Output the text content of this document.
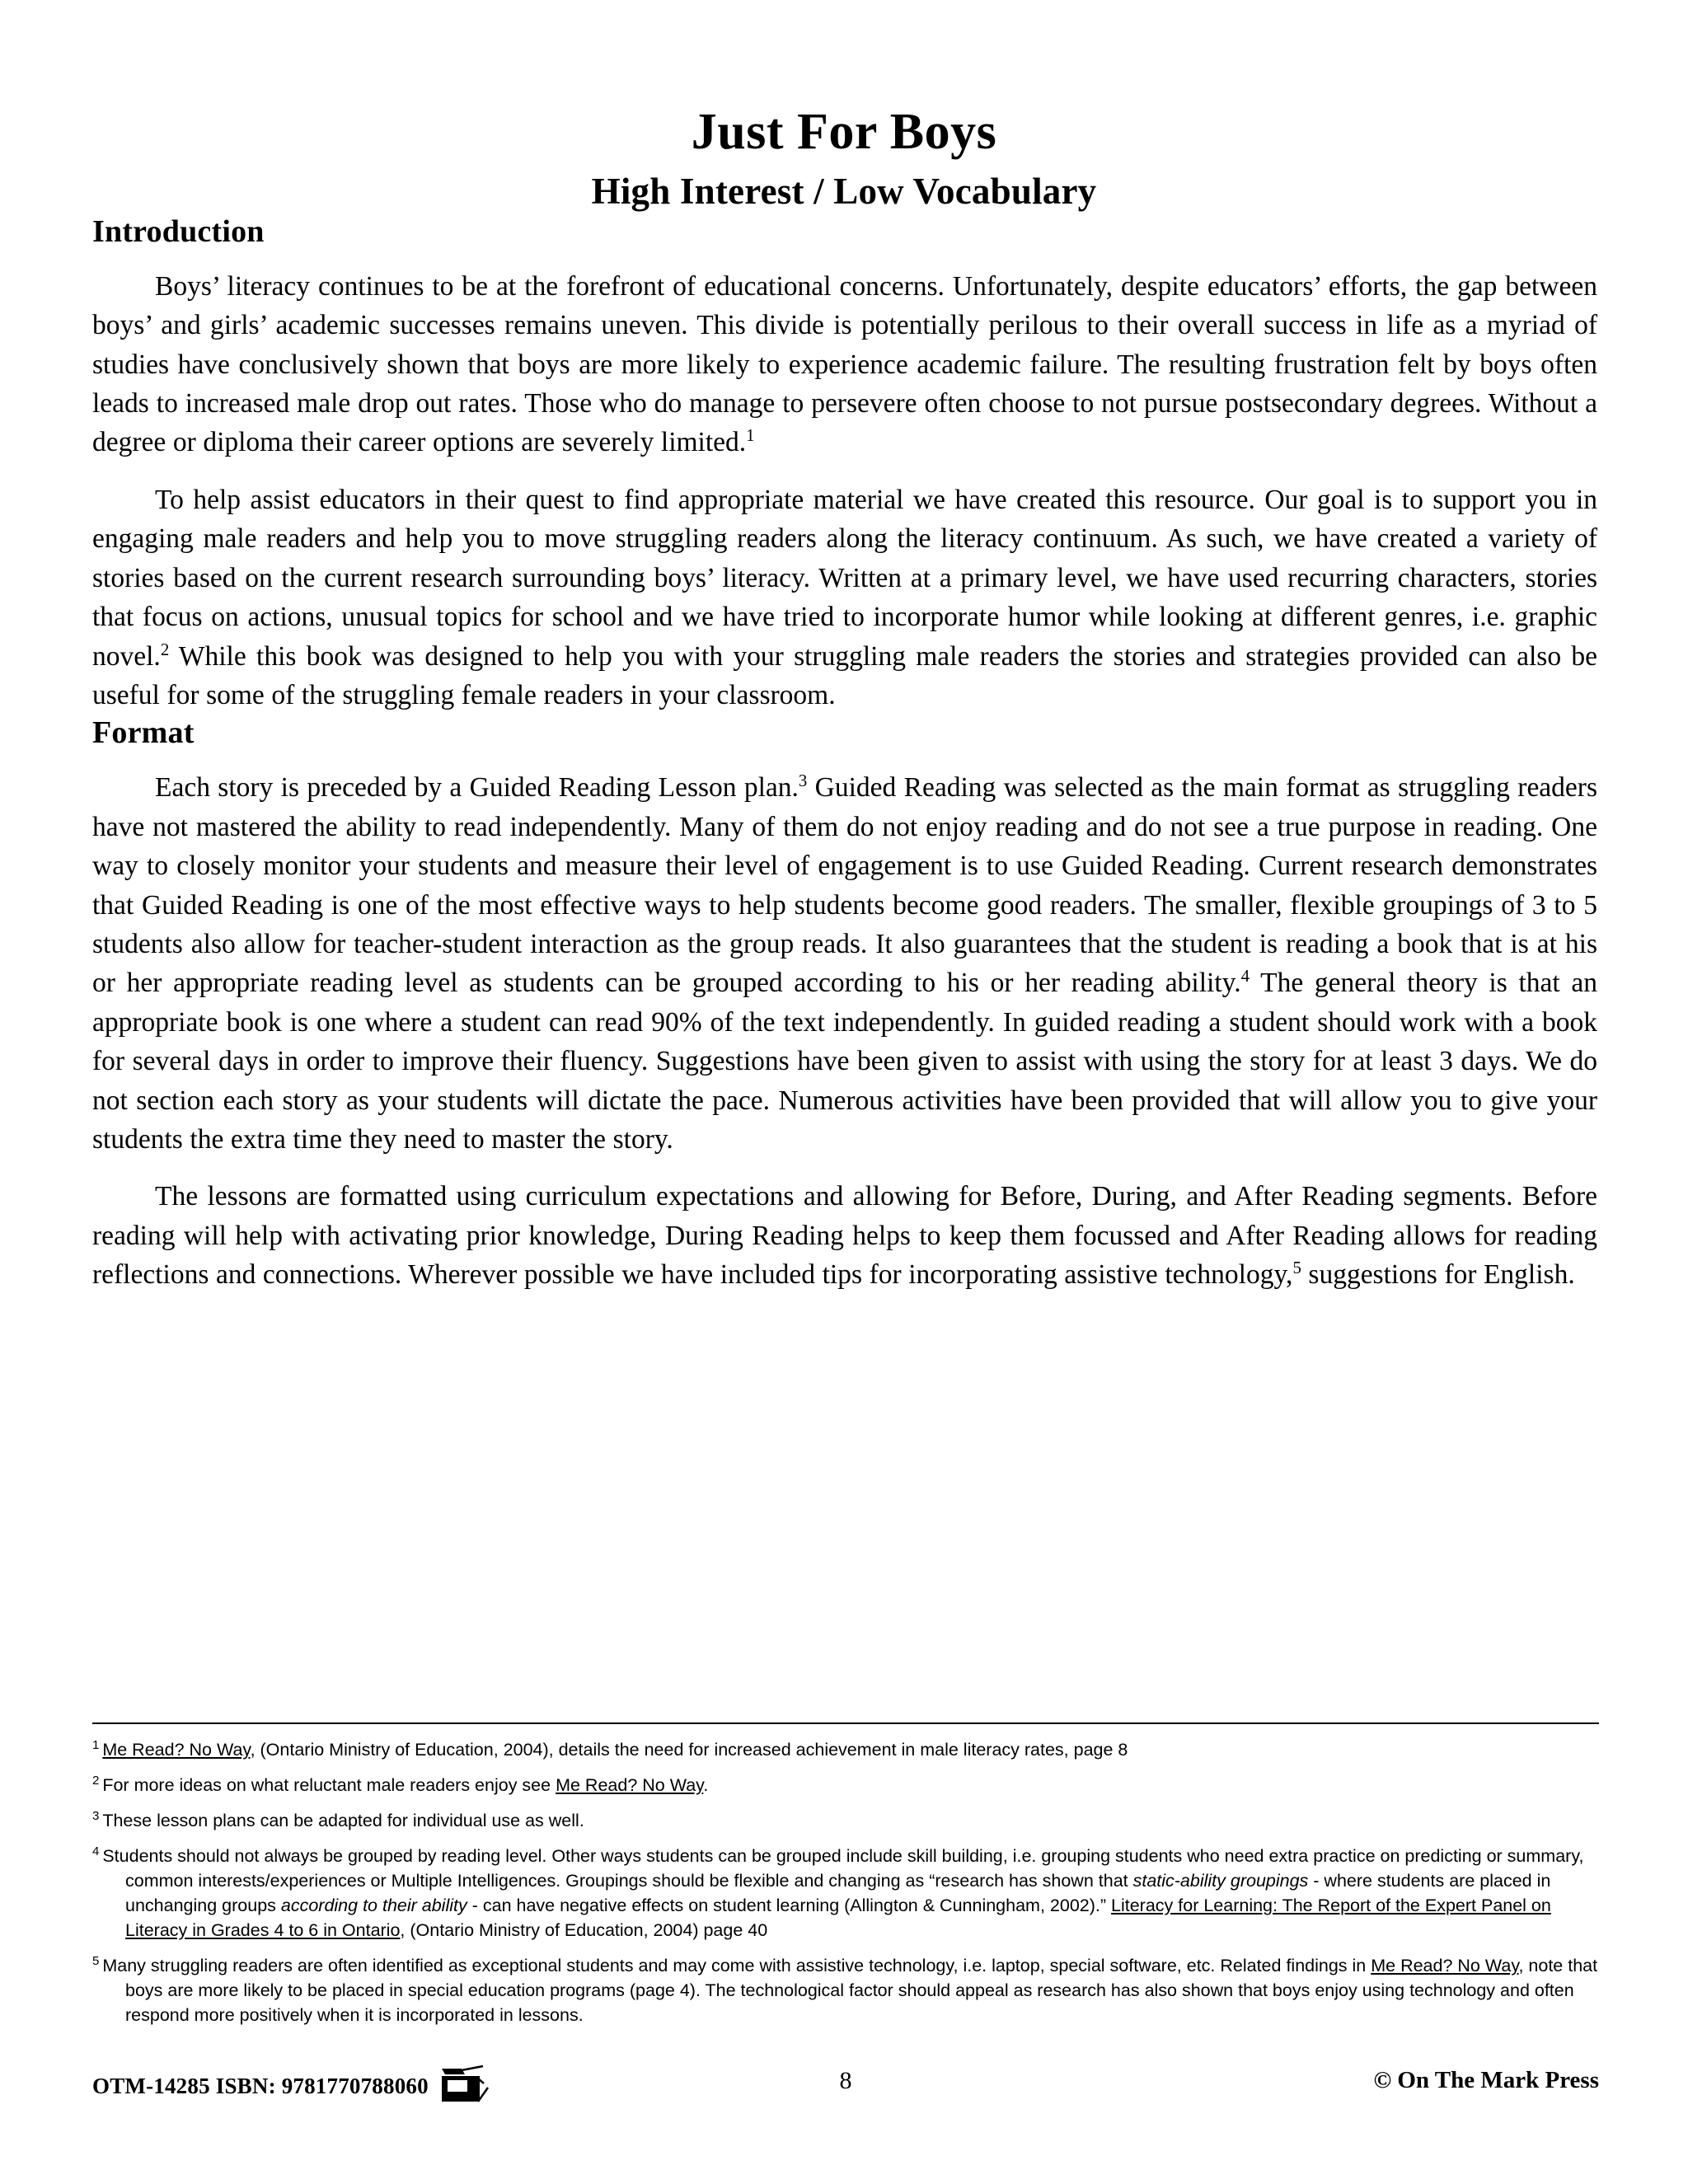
Just For Boys
High Interest / Low Vocabulary
Introduction

Boys’ literacy continues to be at the forefront of educational concerns. Unfortunately, despite educators’ efforts, the gap between boys’ and girls’ academic successes remains uneven. This divide is potentially perilous to their overall success in life as a myriad of studies have conclusively shown that boys are more likely to experience academic failure. The resulting frustration felt by boys often leads to increased male drop out rates. Those who do manage to persevere often choose to not pursue postsecondary degrees. Without a degree or diploma their career options are severely limited.$^1$

To help assist educators in their quest to find appropriate material we have created this resource. Our goal is to support you in engaging male readers and help you to move struggling readers along the literacy continuum. As such, we have created a variety of stories based on the current research surrounding boys’ literacy. Written at a primary level, we have used recurring characters, stories that focus on actions, unusual topics for school and we have tried to incorporate humor while looking at different genres, i.e. graphic novel.$^2$ While this book was designed to help you with your struggling male readers the stories and strategies provided can also be useful for some of the struggling female readers in your classroom.

Format

Each story is preceded by a Guided Reading Lesson plan.$^3$ Guided Reading was selected as the main format as struggling readers have not mastered the ability to read independently. Many of them do not enjoy reading and do not see a true purpose in reading. One way to closely monitor your students and measure their level of engagement is to use Guided Reading. Current research demonstrates that Guided Reading is one of the most effective ways to help students become good readers. The smaller, flexible groupings of 3 to 5 students also allow for teacher-student interaction as the group reads. It also guarantees that the student is reading a book that is at his or her appropriate reading level as students can be grouped according to his or her reading ability.$^4$ The general theory is that an appropriate book is one where a student can read 90% of the text independently. In guided reading a student should work with a book for several days in order to improve their fluency. Suggestions have been given to assist with using the story for at least 3 days. We do not section each story as your students will dictate the pace. Numerous activities have been provided that will allow you to give your students the extra time they need to master the story.

The lessons are formatted using curriculum expectations and allowing for Before, During, and After Reading segments. Before reading will help with activating prior knowledge, During Reading helps to keep them focussed and After Reading allows for reading reflections and connections. Wherever possible we have included tips for incorporating assistive technology,$^5$ suggestions for English.

$^1$ Me Read? No Way, (Ontario Ministry of Education, 2004), details the need for increased achievement in male literacy rates, page 8

$^2$ For more ideas on what reluctant male readers enjoy see Me Read? No Way.

$^3$ These lesson plans can be adapted for individual use as well.

$^4$ Students should not always be grouped by reading level. Other ways students can be grouped include skill building, i.e. grouping students who need extra practice on predicting or summary, common interests/experiences or Multiple Intelligences. Groupings should be flexible and changing as “research has shown that static-ability groupings - where students are placed in unchanging groups according to their ability - can have negative effects on student learning (Allington & Cunningham, 2002).” Literacy for Learning: The Report of the Expert Panel on Literacy in Grades 4 to 6 in Ontario, (Ontario Ministry of Education, 2004) page 40

$^5$ Many struggling readers are often identified as exceptional students and may come with assistive technology, i.e. laptop, special software, etc. Related findings in Me Read? No Way, note that boys are more likely to be placed in special education programs (page 4). The technological factor should appeal as research has also shown that boys enjoy using technology and often respond more positively when it is incorporated in lessons.

OTM-14285 ISBN: 9781770788060	8	© On The Mark Press
